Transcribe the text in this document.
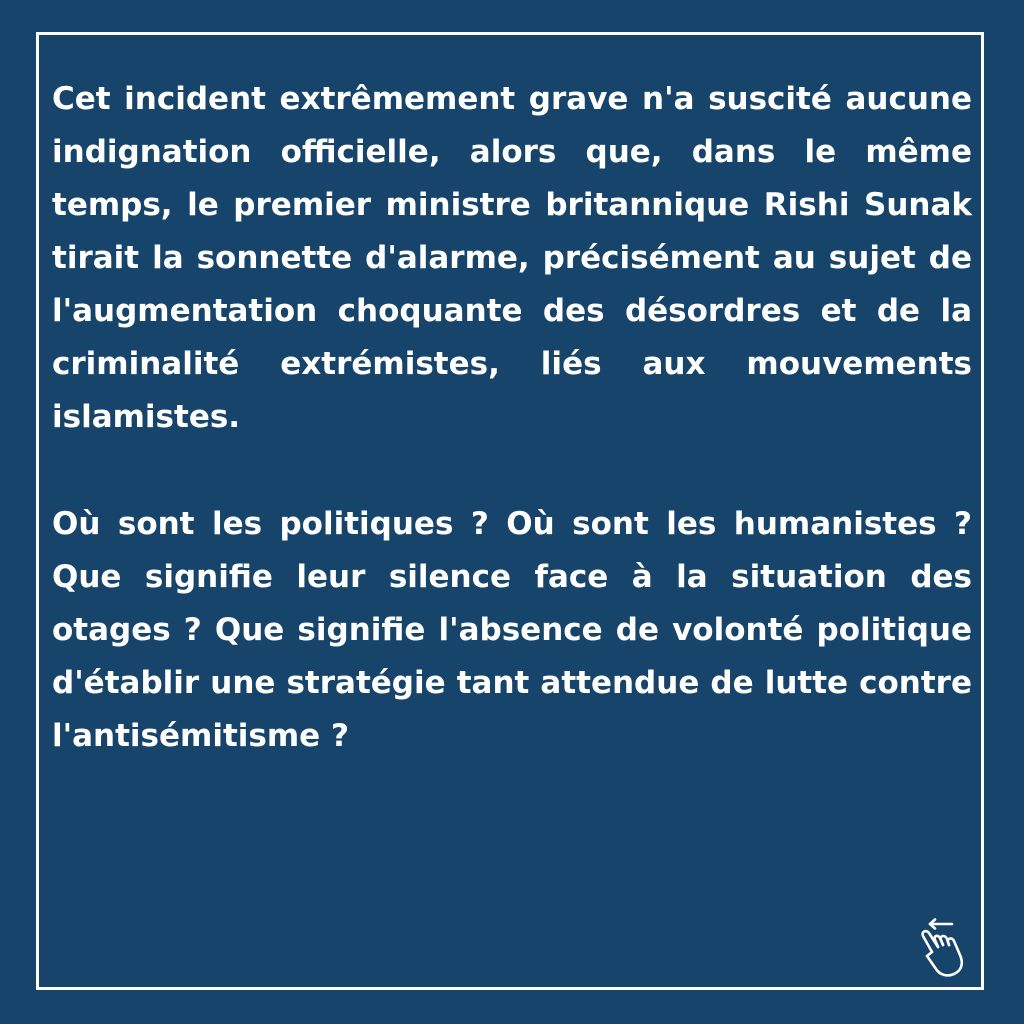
Cet incident extrêmement grave n'a suscité aucune indignation officielle, alors que, dans le même temps, le premier ministre britannique Rishi Sunak tirait la sonnette d'alarme, précisément au sujet de l'augmentation choquante des désordres et de la criminalité extrémistes, liés aux mouvements islamistes.

Où sont les politiques ? Où sont les humanistes ? Que signifie leur silence face à la situation des otages ? Que signifie l'absence de volonté politique d'établir une stratégie tant attendue de lutte contre l'antisémitisme ?
